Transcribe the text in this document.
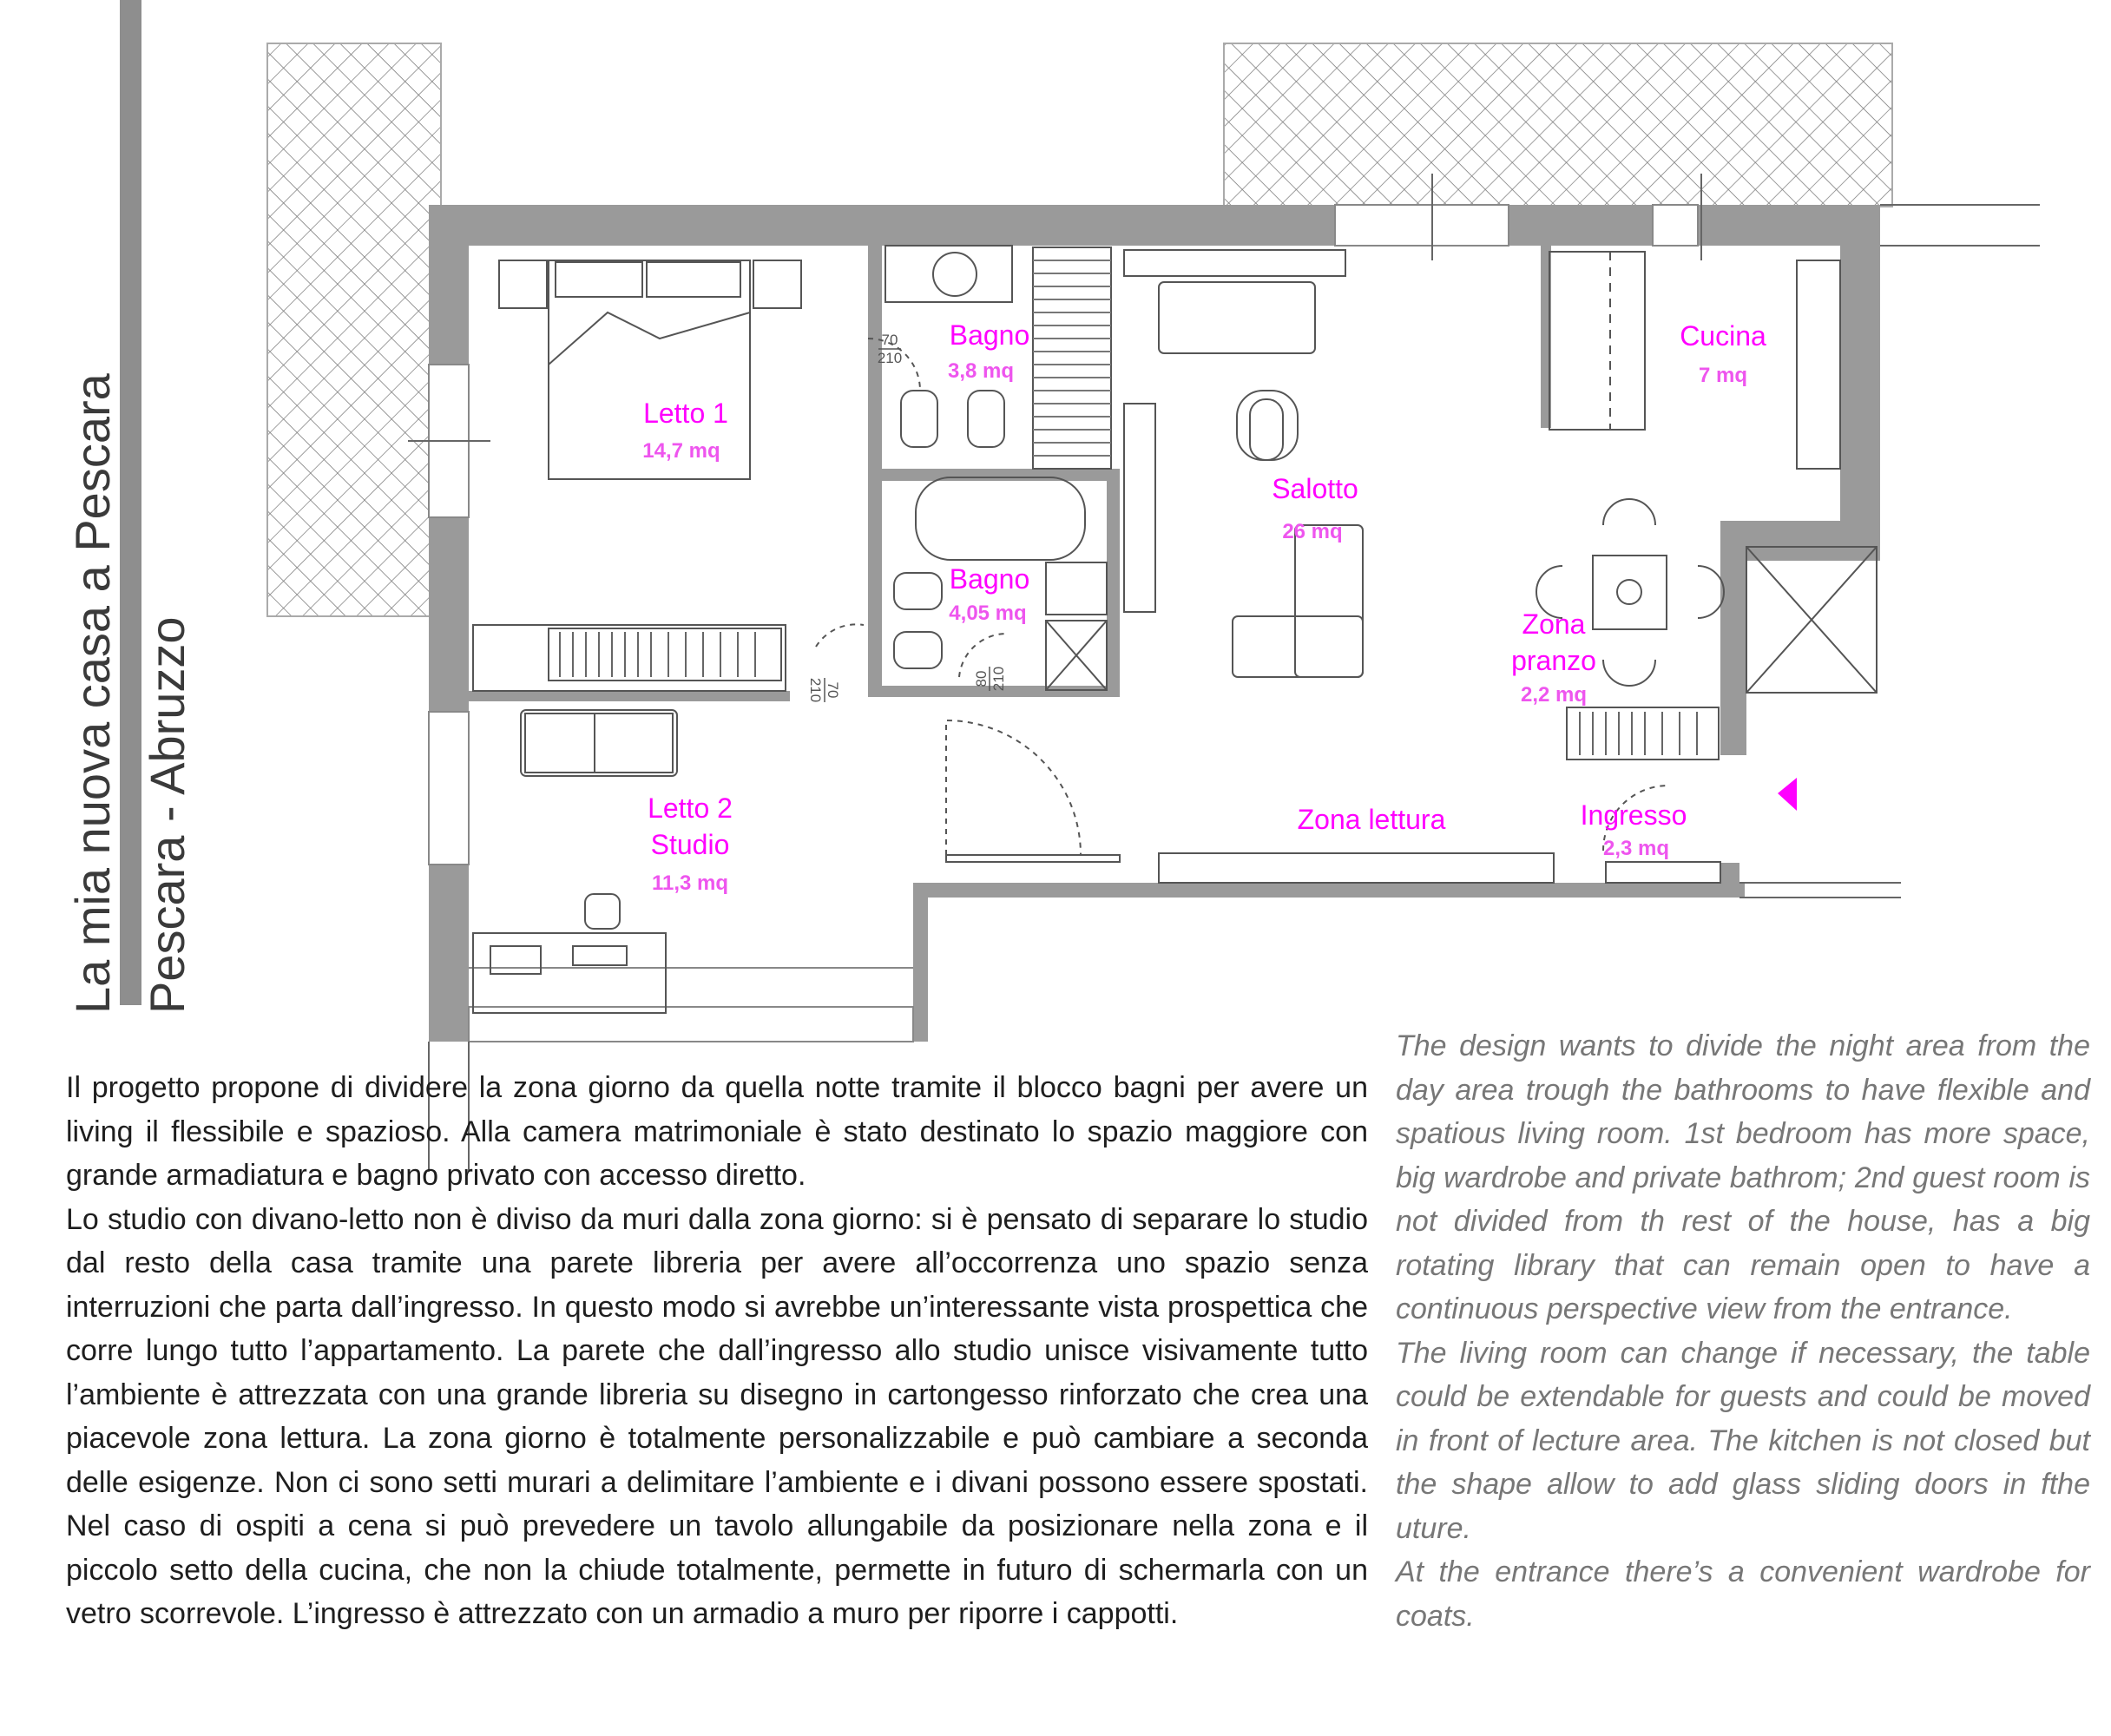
Letto 1
14,7 mq
Bagno
3,8 mq
Bagno
4,05 mq
Salotto
26 mq
Cucina
7 mq
Zona
pranzo
2,2 mq
Letto 2
Studio
11,3 mq
Zona lettura	Ingresso
2,3 mq
70
210
70
210	80 210
La mia nuova casa a Pescara Pescara - Abruzzo

Il progetto propone di dividere la zona giorno da quella notte tramite il blocco bagni per avere un living il flessibile e spazioso. Alla camera matrimoniale è stato destinato lo spazio maggiore con grande armadiatura e bagno privato con accesso diretto.

Lo studio con divano-letto non è diviso da muri dalla zona giorno: si è pensato di separare lo studio dal resto della casa tramite una parete libreria per avere all’occorrenza uno spazio senza interruzioni che parta dall’ingresso. In questo modo si avrebbe un’interessante vista prospettica che corre lungo tutto l’appartamento. La parete che dall’ingresso allo studio unisce visivamente tutto l’ambiente è attrezzata con una grande libreria su disegno in cartongesso rinforzato che crea una piacevole zona lettura. La zona giorno è totalmente personalizzabile e può cambiare a seconda delle esigenze. Non ci sono setti murari a delimitare l’ambiente e i divani possono essere spostati. Nel caso di ospiti a cena si può prevedere un tavolo allungabile da posizionare nella zona e il piccolo setto della cucina, che non la chiude totalmente, permette in futuro di schermarla con un vetro scorrevole. L’ingresso è attrezzato con un armadio a muro per riporre i cappotti.

The design wants to divide the night area from the day area trough the bathrooms to have flexible and spatious living room. 1st bedroom has more space, big wardrobe and private bathrom; 2nd guest room is not divided from th rest of the house, has a big rotating library that can remain open to have a continuous perspective view from the entrance.

The living room can change if necessary, the table could be extendable for guests and could be moved in front of lecture area. The kitchen is not closed but the shape allow to add glass sliding doors in fthe uture.

At the entrance there’s a convenient wardrobe for coats.
